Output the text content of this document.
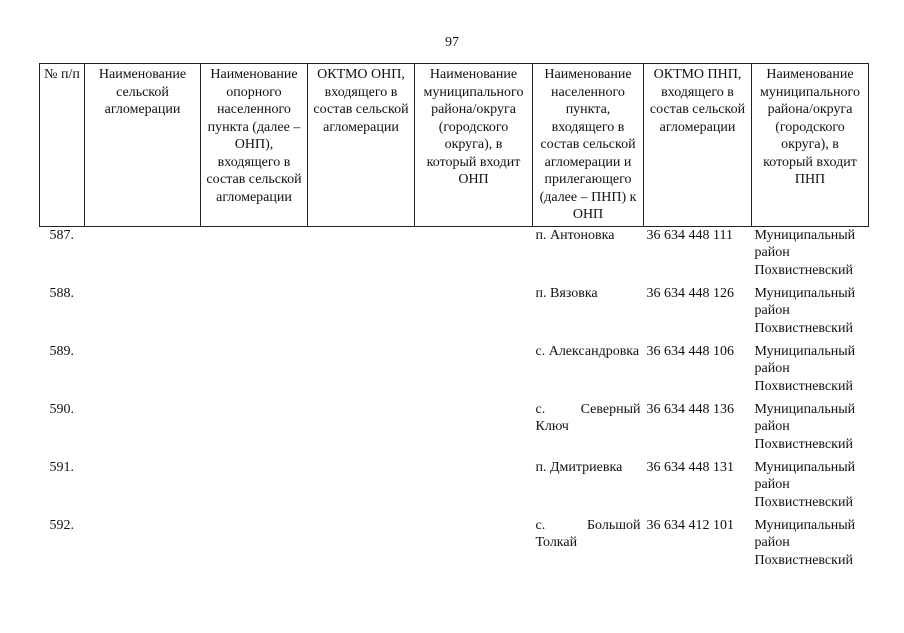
97
№ п/п	Наименование сельской агломерации	Наименование опорного населенного пункта (далее – ОНП), входящего в состав сельской агломерации	ОКТМО ОНП, входящего в состав сельской агломерации	Наименование муниципального района/округа (городского округа), в который входит ОНП	Наименование населенного пункта, входящего в состав сельской агломерации и прилегающего (далее – ПНП) к ОНП	ОКТМО ПНП, входящего в состав сельской агломерации	Наименование муниципального района/округа (городского округа), в который входит ПНП
587.					п. Антоновка	36 634 448 111	Муниципальный район Похвистневский
588.					п. Вязовка	36 634 448 126	Муниципальный район Похвистневский
589.					с. Александровка	36 634 448 106	Муниципальный район Похвистневский
590.					с. Северный Ключ	36 634 448 136	Муниципальный район Похвистневский
591.					п. Дмитриевка	36 634 448 131	Муниципальный район Похвистневский
592.					с. Большой Толкай	36 634 412 101	Муниципальный район Похвистневский
